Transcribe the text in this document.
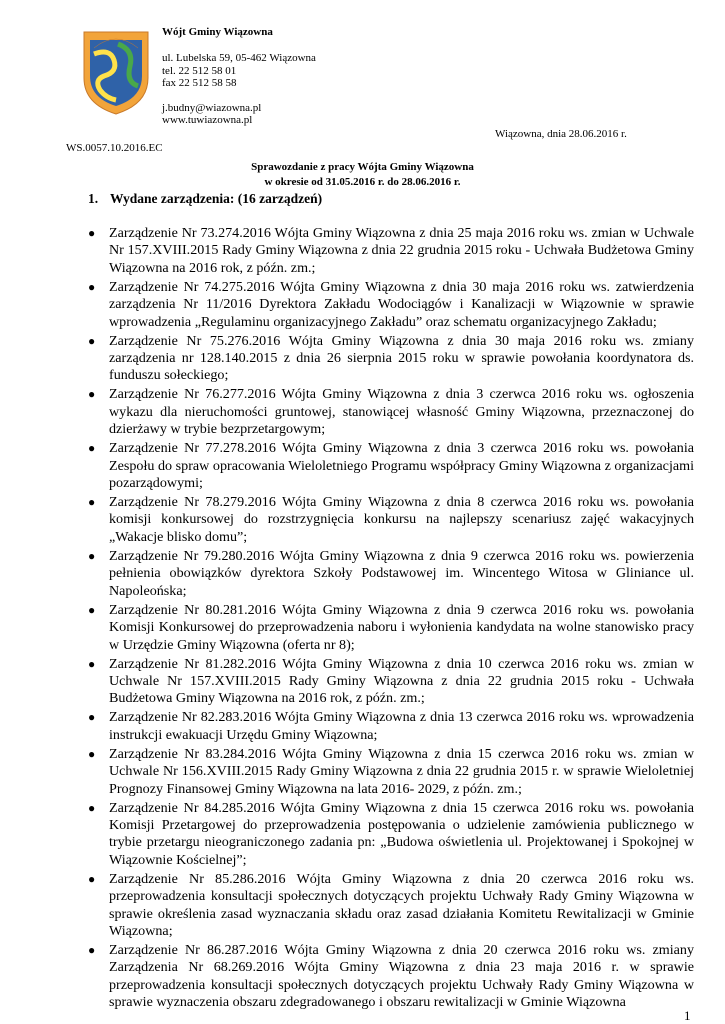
Wójt Gminy Wiązowna
ul. Lubelska 59, 05-462 Wiązowna
tel. 22 512 58 01
fax 22 512 58 58
j.budny@wiazowna.pl
www.tuwiazowna.pl
Wiązowna, dnia 28.06.2016 r.
WS.0057.10.2016.EC
Sprawozdanie z pracy Wójta Gminy Wiązowna
w okresie od 31.05.2016 r. do 28.06.2016 r.
1. Wydane zarządzenia: (16 zarządzeń)
● Zarządzenie Nr 73.274.2016 Wójta Gminy Wiązowna z dnia 25 maja 2016 roku ws. zmian w Uchwale Nr 157.XVIII.2015 Rady Gminy Wiązowna z dnia 22 grudnia 2015 roku - Uchwała Budżetowa Gminy Wiązowna na 2016 rok, z późn. zm.;
● Zarządzenie Nr 74.275.2016 Wójta Gminy Wiązowna z dnia 30 maja 2016 roku ws. zatwierdzenia zarządzenia Nr 11/2016 Dyrektora Zakładu Wodociągów i Kanalizacji w Wiązownie w sprawie wprowadzenia „Regulaminu organizacyjnego Zakładu” oraz schematu organizacyjnego Zakładu;
● Zarządzenie Nr 75.276.2016 Wójta Gminy Wiązowna z dnia 30 maja 2016 roku ws. zmiany zarządzenia nr 128.140.2015 z dnia 26 sierpnia 2015 roku w sprawie powołania koordynatora ds. funduszu sołeckiego;
● Zarządzenie Nr 76.277.2016 Wójta Gminy Wiązowna z dnia 3 czerwca 2016 roku ws. ogłoszenia wykazu dla nieruchomości gruntowej, stanowiącej własność Gminy Wiązowna, przeznaczonej do dzierżawy w trybie bezprzetargowym;
● Zarządzenie Nr 77.278.2016 Wójta Gminy Wiązowna z dnia 3 czerwca 2016 roku ws. powołania Zespołu do spraw opracowania Wieloletniego Programu współpracy Gminy Wiązowna z organizacjami pozarządowymi;
● Zarządzenie Nr 78.279.2016 Wójta Gminy Wiązowna z dnia 8 czerwca 2016 roku ws. powołania komisji konkursowej do rozstrzygnięcia konkursu na najlepszy scenariusz zajęć wakacyjnych „Wakacje blisko domu”;
● Zarządzenie Nr 79.280.2016 Wójta Gminy Wiązowna z dnia 9 czerwca 2016 roku ws. powierzenia pełnienia obowiązków dyrektora Szkoły Podstawowej im. Wincentego Witosa w Gliniance ul. Napoleońska;
● Zarządzenie Nr 80.281.2016 Wójta Gminy Wiązowna z dnia 9 czerwca 2016 roku ws. powołania Komisji Konkursowej do przeprowadzenia naboru i wyłonienia kandydata na wolne stanowisko pracy w Urzędzie Gminy Wiązowna (oferta nr 8);
● Zarządzenie Nr 81.282.2016 Wójta Gminy Wiązowna z dnia 10 czerwca 2016 roku ws. zmian w Uchwale Nr 157.XVIII.2015 Rady Gminy Wiązowna z dnia 22 grudnia 2015 roku - Uchwała Budżetowa Gminy Wiązowna na 2016 rok, z późn. zm.;
● Zarządzenie Nr 82.283.2016 Wójta Gminy Wiązowna z dnia 13 czerwca 2016 roku ws. wprowadzenia instrukcji ewakuacji Urzędu Gminy Wiązowna;
● Zarządzenie Nr 83.284.2016 Wójta Gminy Wiązowna z dnia 15 czerwca 2016 roku ws. zmian w Uchwale Nr 156.XVIII.2015 Rady Gminy Wiązowna z dnia 22 grudnia 2015 r. w sprawie Wieloletniej Prognozy Finansowej Gminy Wiązowna na lata 2016- 2029, z późn. zm.;
● Zarządzenie Nr 84.285.2016 Wójta Gminy Wiązowna z dnia 15 czerwca 2016 roku ws. powołania Komisji Przetargowej do przeprowadzenia postępowania o udzielenie zamówienia publicznego w trybie przetargu nieograniczonego zadania pn: „Budowa oświetlenia ul. Projektowanej i Spokojnej w Wiązownie Kościelnej”;
● Zarządzenie Nr 85.286.2016 Wójta Gminy Wiązowna z dnia 20 czerwca 2016 roku ws. przeprowadzenia konsultacji społecznych dotyczących projektu Uchwały Rady Gminy Wiązowna w sprawie określenia zasad wyznaczania składu oraz zasad działania Komitetu Rewitalizacji w Gminie Wiązowna;
● Zarządzenie Nr 86.287.2016 Wójta Gminy Wiązowna z dnia 20 czerwca 2016 roku ws. zmiany Zarządzenia Nr 68.269.2016 Wójta Gminy Wiązowna z dnia 23 maja 2016 r. w sprawie przeprowadzenia konsultacji społecznych dotyczących projektu Uchwały Rady Gminy Wiązowna w sprawie wyznaczenia obszaru zdegradowanego i obszaru rewitalizacji w Gminie Wiązowna
1
